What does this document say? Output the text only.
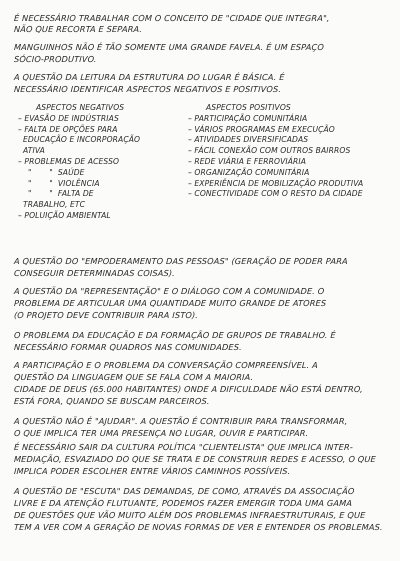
É NECESSÁRIO TRABALHAR COM O CONCEITO DE "CIDADE QUE INTEGRA",
NÃO QUE RECORTA E SEPARA.
MANGUINHOS NÃO É TÃO SOMENTE UMA GRANDE FAVELA. É UM ESPAÇO
SÓCIO-PRODUTIVO.
A QUESTÃO DA LEITURA DA ESTRUTURA DO LUGAR É BÁSICA. É
NECESSÁRIO IDENTIFICAR ASPECTOS NEGATIVOS E POSITIVOS.
ASPECTOS NEGATIVOS
– EVASÃO DE INDÚSTRIAS
– FALTA DE OPÇÕES PARA
EDUCAÇÃO E INCORPORAÇÃO
ATIVA
– PROBLEMAS DE ACESSO
"       "  SAÚDE
"       "  VIOLÊNCIA
"       "  FALTA DE
TRABALHO, ETC
– POLUIÇÃO AMBIENTAL
ASPECTOS POSITIVOS
– PARTICIPAÇÃO COMUNITÁRIA
– VÁRIOS PROGRAMAS EM EXECUÇÃO
– ATIVIDADES DIVERSIFICADAS
– FÁCIL CONEXÃO COM OUTROS BAIRROS
– REDE VIÁRIA E FERROVIÁRIA
– ORGANIZAÇÃO COMUNITÁRIA
– EXPERIÊNCIA DE MOBILIZAÇÃO PRODUTIVA
– CONECTIVIDADE COM O RESTO DA CIDADE
A QUESTÃO DO "EMPODERAMENTO DAS PESSOAS" (GERAÇÃO DE PODER PARA
CONSEGUIR DETERMINADAS COISAS).
A QUESTÃO DA "REPRESENTAÇÃO" E O DIÁLOGO COM A COMUNIDADE. O
PROBLEMA DE ARTICULAR UMA QUANTIDADE MUITO GRANDE DE ATORES
(O PROJETO DEVE CONTRIBUIR PARA ISTO).
O PROBLEMA DA EDUCAÇÃO E DA FORMAÇÃO DE GRUPOS DE TRABALHO. É
NECESSÁRIO FORMAR QUADROS NAS COMUNIDADES.
A PARTICIPAÇÃO E O PROBLEMA DA CONVERSAÇÃO COMPREENSÍVEL. A
QUESTÃO DA LINGUAGEM QUE SE FALA COM A MAIORIA.
CIDADE DE DEUS (65.000 HABITANTES) ONDE A DIFICULDADE NÃO ESTÁ DENTRO,
ESTÁ FORA, QUANDO SE BUSCAM PARCEIROS.
A QUESTÃO NÃO É "AJUDAR". A QUESTÃO É CONTRIBUIR PARA TRANSFORMAR,
O QUE IMPLICA TER UMA PRESENÇA NO LUGAR, OUVIR E PARTICIPAR.
É NECESSÁRIO SAIR DA CULTURA POLÍTICA "CLIENTELISTA" QUE IMPLICA INTER-
MEDIAÇÃO, ESVAZIADO DO QUE SE TRATA E DE CONSTRUIR REDES E ACESSO, O QUE
IMPLICA PODER ESCOLHER ENTRE VÁRIOS CAMINHOS POSSÍVEIS.
A QUESTÃO DE "ESCUTA" DAS DEMANDAS, DE COMO, ATRAVÉS DA ASSOCIAÇÃO
LIVRE E DA ATENÇÃO FLUTUANTE, PODEMOS FAZER EMERGIR TODA UMA GAMA
DE QUESTÕES QUE VÃO MUITO ALÉM DOS PROBLEMAS INFRAESTRUTURAIS, E QUE
TEM A VER COM A GERAÇÃO DE NOVAS FORMAS DE VER E ENTENDER OS PROBLEMAS.
